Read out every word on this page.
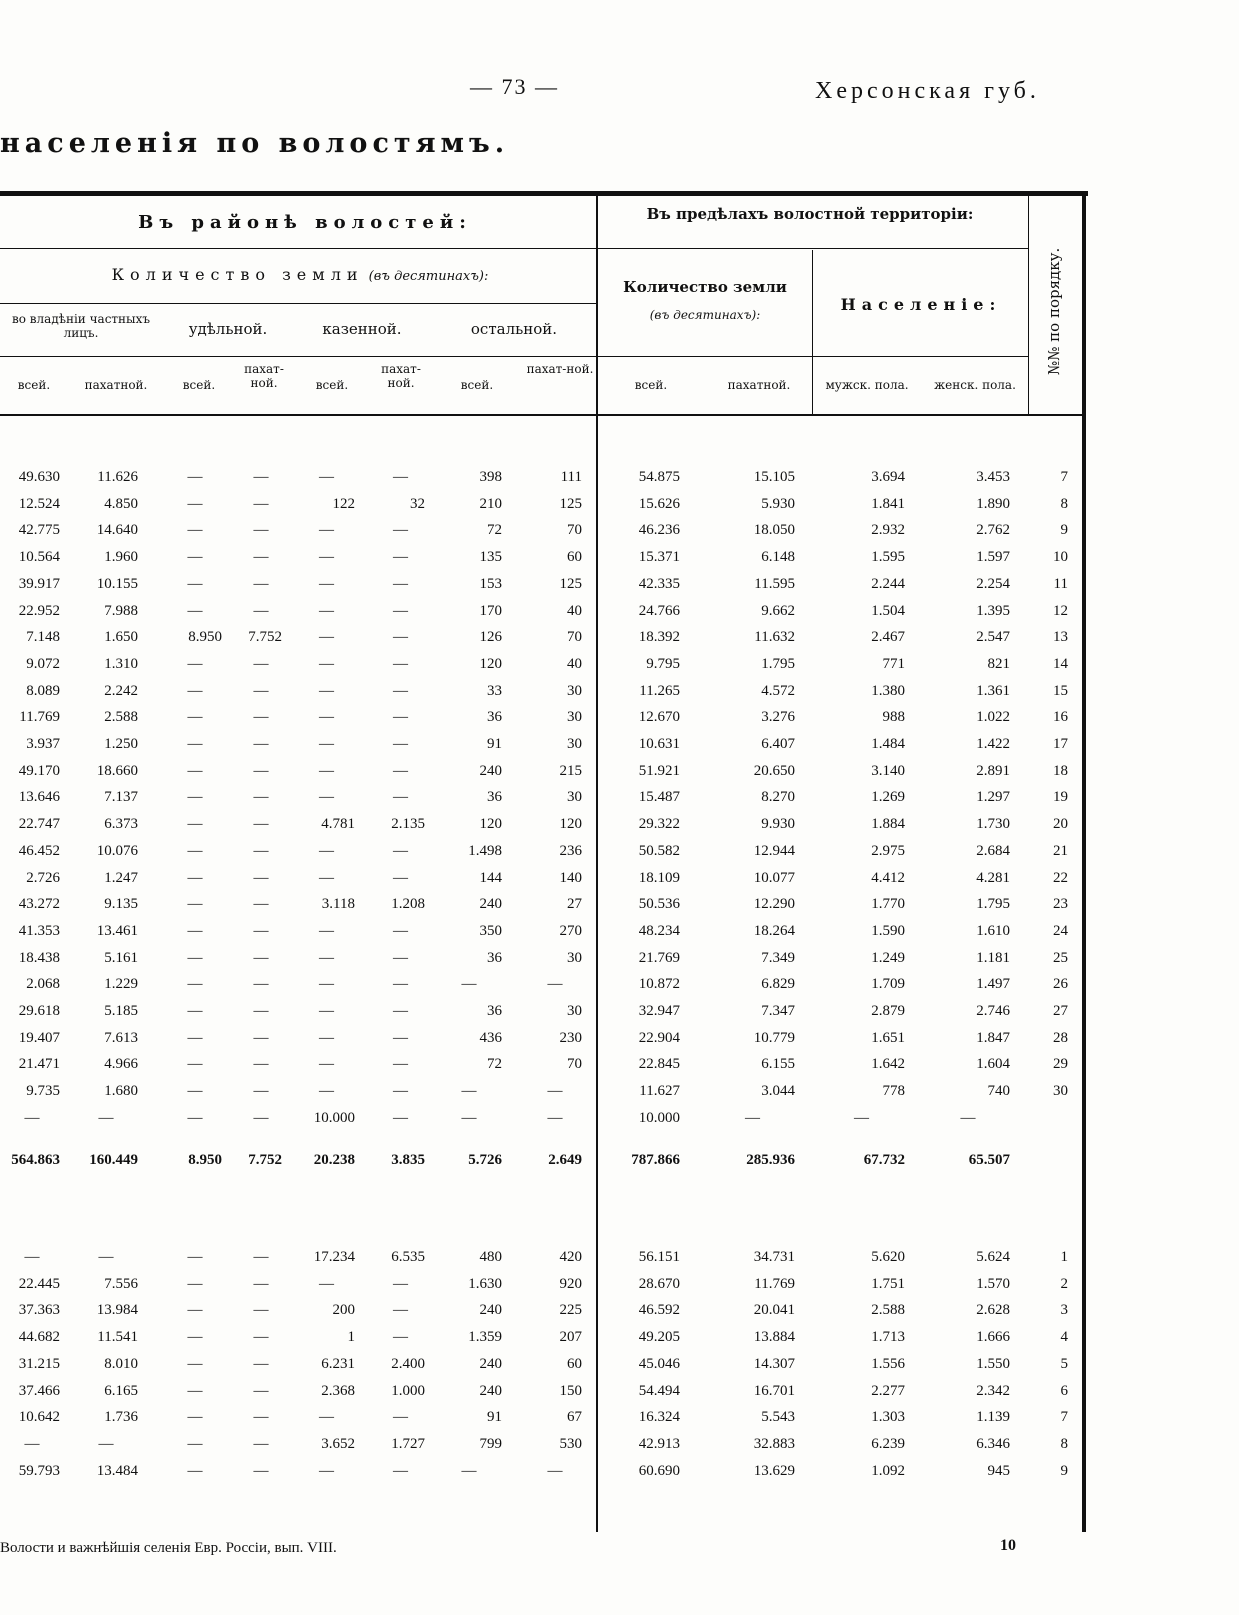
— 73 —	Херсонская губ.
населенія по волостямъ.
Въ районѣ волостей:
Количество земли (въ десятинахъ):
во владѣніи частныхъ лицъ.	удѣльной.	казенной.	остальной.
всей.	пахатной.	всей.
пахат-ной.	всей.
пахат-ной.	всей.
пахат-ной.
Въ предѣлахъ волостной территоріи:
Количество земли
(въ десятинахъ):
Населеніе:
всей.	пахатной.	мужск. пола.	женск. пола.
№№ по порядку.
49.630	11.626	—	—	—	—	398	111	54.875	15.105	3.694	3.453	7
12.524	4.850	—	—	122	32	210	125	15.626	5.930	1.841	1.890	8
42.775	14.640	—	—	—	—	72	70	46.236	18.050	2.932	2.762	9
10.564	1.960	—	—	—	—	135	60	15.371	6.148	1.595	1.597	10
39.917	10.155	—	—	—	—	153	125	42.335	11.595	2.244	2.254	11
22.952	7.988	—	—	—	—	170	40	24.766	9.662	1.504	1.395	12
7.148	1.650	8.950	7.752	—	—	126	70	18.392	11.632	2.467	2.547	13
9.072	1.310	—	—	—	—	120	40	9.795	1.795	771	821	14
8.089	2.242	—	—	—	—	33	30	11.265	4.572	1.380	1.361	15
11.769	2.588	—	—	—	—	36	30	12.670	3.276	988	1.022	16
3.937	1.250	—	—	—	—	91	30	10.631	6.407	1.484	1.422	17
49.170	18.660	—	—	—	—	240	215	51.921	20.650	3.140	2.891	18
13.646	7.137	—	—	—	—	36	30	15.487	8.270	1.269	1.297	19
22.747	6.373	—	—	4.781	2.135	120	120	29.322	9.930	1.884	1.730	20
46.452	10.076	—	—	—	—	1.498	236	50.582	12.944	2.975	2.684	21
2.726	1.247	—	—	—	—	144	140	18.109	10.077	4.412	4.281	22
43.272	9.135	—	—	3.118	1.208	240	27	50.536	12.290	1.770	1.795	23
41.353	13.461	—	—	—	—	350	270	48.234	18.264	1.590	1.610	24
18.438	5.161	—	—	—	—	36	30	21.769	7.349	1.249	1.181	25
2.068	1.229	—	—	—	—	—	—	10.872	6.829	1.709	1.497	26
29.618	5.185	—	—	—	—	36	30	32.947	7.347	2.879	2.746	27
19.407	7.613	—	—	—	—	436	230	22.904	10.779	1.651	1.847	28
21.471	4.966	—	—	—	—	72	70	22.845	6.155	1.642	1.604	29
9.735	1.680	—	—	—	—	—	—	11.627	3.044	778	740	30
—	—	—	—	10.000	—	—	—	10.000	—	—	—
564.863	160.449	8.950	7.752	20.238	3.835	5.726	2.649	787.866	285.936	67.732	65.507
—	—	—	—	17.234	6.535	480	420	56.151	34.731	5.620	5.624	1
22.445	7.556	—	—	—	—	1.630	920	28.670	11.769	1.751	1.570	2
37.363	13.984	—	—	200	—	240	225	46.592	20.041	2.588	2.628	3
44.682	11.541	—	—	1	—	1.359	207	49.205	13.884	1.713	1.666	4
31.215	8.010	—	—	6.231	2.400	240	60	45.046	14.307	1.556	1.550	5
37.466	6.165	—	—	2.368	1.000	240	150	54.494	16.701	2.277	2.342	6
10.642	1.736	—	—	—	—	91	67	16.324	5.543	1.303	1.139	7
—	—	—	—	3.652	1.727	799	530	42.913	32.883	6.239	6.346	8
59.793	13.484	—	—	—	—	—	—	60.690	13.629	1.092	945	9
Волости и важнѣйшія селенія Евр. Россіи, вып. VIII.	10
